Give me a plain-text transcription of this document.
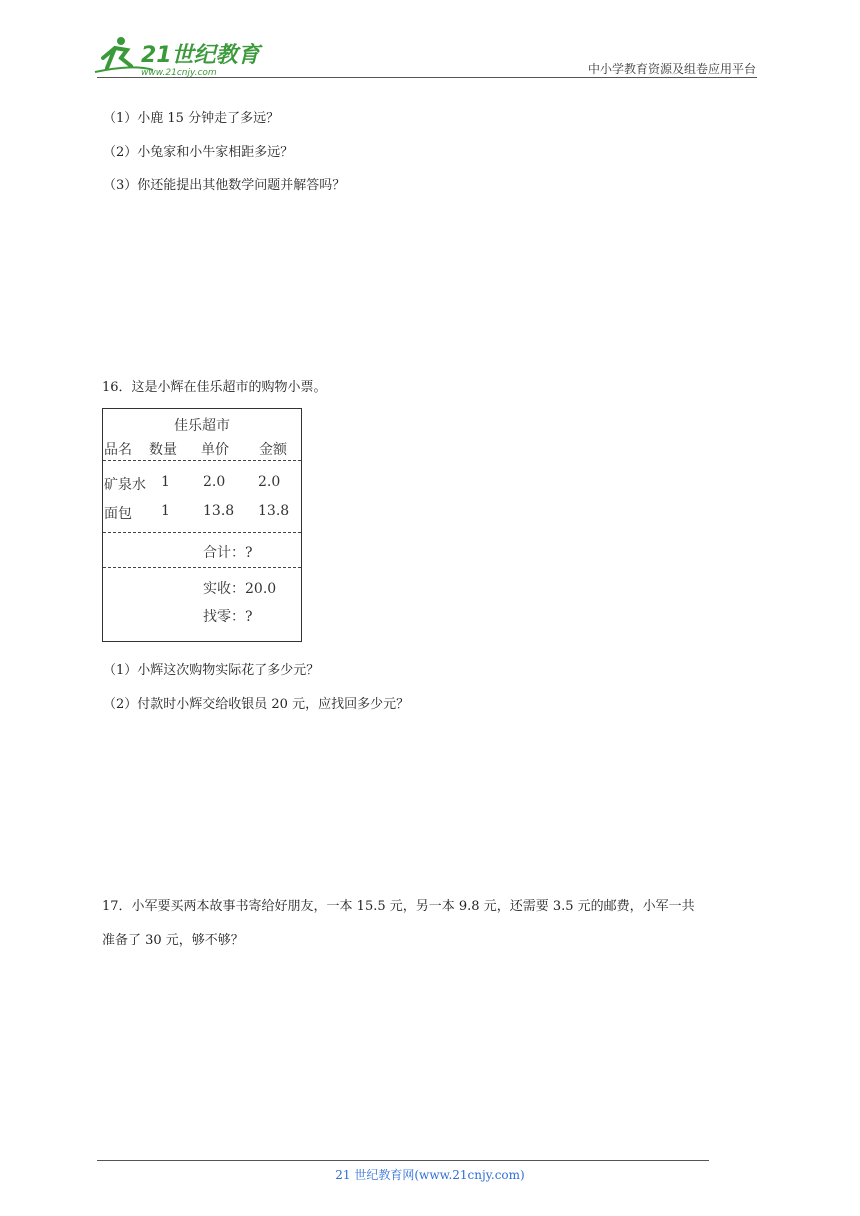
21世纪教育
www.21cnjy.com	中小学教育资源及组卷应用平台
（1）小鹿 15 分钟走了多远？
（2）小兔家和小牛家相距多远？
（3）你还能提出其他数学问题并解答吗？
16．这是小辉在佳乐超市的购物小票。
佳乐超市
品名 数量 单价 金额
矿泉水 1 2.0 2.0
面包 1 13.8 13.8
合计：?
实收：20.0
找零：?
（1）小辉这次购物实际花了多少元？
（2）付款时小辉交给收银员 20 元，应找回多少元？
17．小军要买两本故事书寄给好朋友，一本 15.5 元，另一本 9.8 元，还需要 3.5 元的邮费，小军一共
准备了 30 元，够不够？
21 世纪教育网(www.21cnjy.com)
